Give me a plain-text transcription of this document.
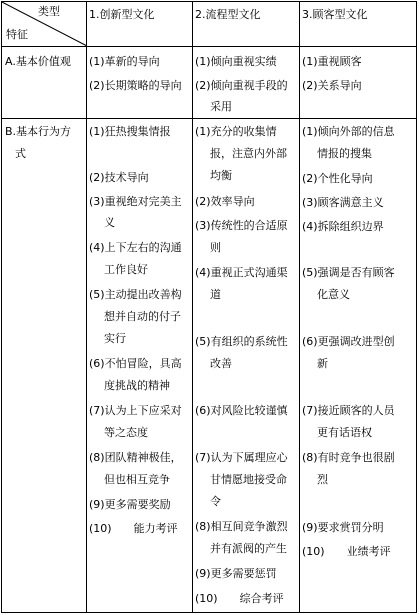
类型
特征
1.创新型文化	2.流程型文化	3.顾客型文化
A.基本价值观
B.基本行为方
式
(1)革新的导向
(2)长期策略的导向
(1)倾向重视实绩
(2)倾向重视手段的
采用
(1)重视顾客
(2)关系导向
(1)狂热搜集情报
(2)技术导向
(3)重视绝对完美主
义
(4)上下左右的沟通
工作良好
(5)主动提出改善构
想并自动的付子
实行
(6)不怕冒险，具高
度挑战的精神
(7)认为上下应采对
等之态度
(8)团队精神极佳，
但也相互竞争
(9)更多需要奖励
(10)　　能力考评
(1)充分的收集情
报，注意内外部
均衡
(2)效率导向
(3)传统性的合适原
则
(4)重视正式沟通渠
道
(5)有组织的系统性
改善
(6)对风险比较谨慎
(7)认为下属理应心
甘情愿地接受命
令
(8)相互间竞争激烈
并有派阀的产生
(9)更多需要惩罚
(10)　　综合考评
(1)倾向外部的信息
情报的搜集
(2)个性化导向
(3)顾客满意主义
(4)拆除组织边界
(5)强调是否有顾客
化意义
(6)更强调改进型创
新
(7)接近顾客的人员
更有话语权
(8)有时竞争也很剧
烈
(9)要求赏罚分明
(10)　　业绩考评
